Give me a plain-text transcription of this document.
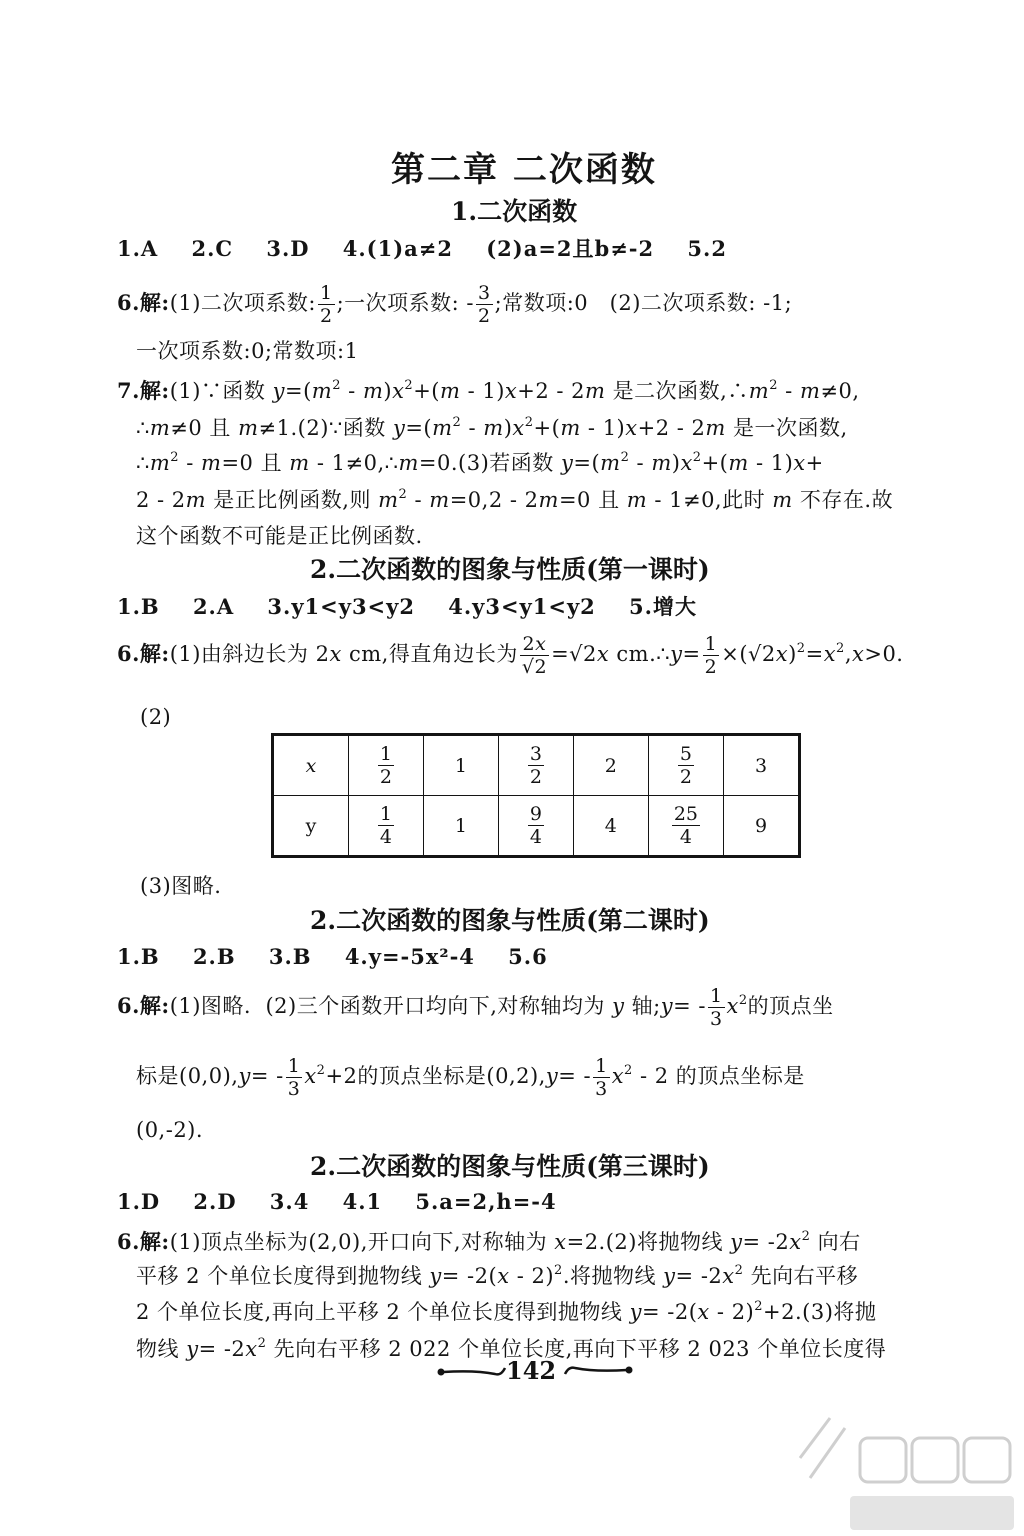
第二章 二次函数
1.二次函数
1.A 2.C 3.D 4.(1)a≠2 (2)a=2且b≠-2 5.2
6.解:(1)二次项系数: $\frac{1}{2}$ ;一次项系数: - $\frac{3}{2}$ ;常数项:0   (2)二次项系数: -1;
一次项系数:0;常数项:1
7.解:(1)∵函数 $y=(m^2 - m)x^2+(m - 1)x+2 - 2m$ 是二次函数$,\therefore m^2 - m\ne 0$,
∴m≠0 且 m≠1.(2)∵函数 $y=(m^2 - m)x^2+(m - 1)x+2 - 2m$ 是一次函数,
$\therefore m^2 - m=0$ 且 m - 1≠0,∴m=0.(3)若函数 $y=(m^2 - m)x^2+(m - 1)x+$
2 - 2m 是正比例函数,则 $m^2 - m=0,2 - 2m=0$ 且 m - 1≠0,此时 m 不存在.故
这个函数不可能是正比例函数.
2.二次函数的图象与性质(第一课时)
1.B 2.A 3.y1<y3<y2 4.y3<y1<y2 5.增大
6.解:(1)由斜边长为 2x cm,得直角边长为 $\frac{2x}{√2} =√2x$ cm.∴y= $\frac{1}{2} \times(√2x)^2=x^2,x>0$.
(2)
x	$\frac{1}{2}$	1	$\frac{3}{2}$	2	$\frac{5}{2}$	3
y	$\frac{1}{4}$	1	$\frac{9}{4}$	4	$\frac{25}{4}$	9
(3)图略.
2.二次函数的图象与性质(第二课时)
1.B 2.B 3.B 4.y=-5x²-4 5.6
6.解:(1)图略.  (2)三个函数开口均向下,对称轴均为 y 轴;y= - $\frac{1}{3} x^2$的顶点坐
标是$(0,0),y= - \frac{1}{3} x^2+2$的顶点坐标是$(0,2),y= - \frac{1}{3} x^2 - 2$ 的顶点坐标是
(0,-2).
2.二次函数的图象与性质(第三课时)
1.D 2.D 3.4 4.1 5.a=2,h=-4
6.解:(1)顶点坐标为(2,0),开口向下,对称轴为 x=2.(2)将抛物线 $y= -2x^2$ 向右
平移 2 个单位长度得到抛物线 y= -2(x - 2)$^2$.将抛物线 $y= -2x^2$ 先向右平移
2 个单位长度,再向上平移 2 个单位长度得到抛物线 y= -2(x - 2)$^2$+2.(3)将抛
物线 $y= -2x^2$ 先向右平移 2 022 个单位长度,再向下平移 2 023 个单位长度得
142
